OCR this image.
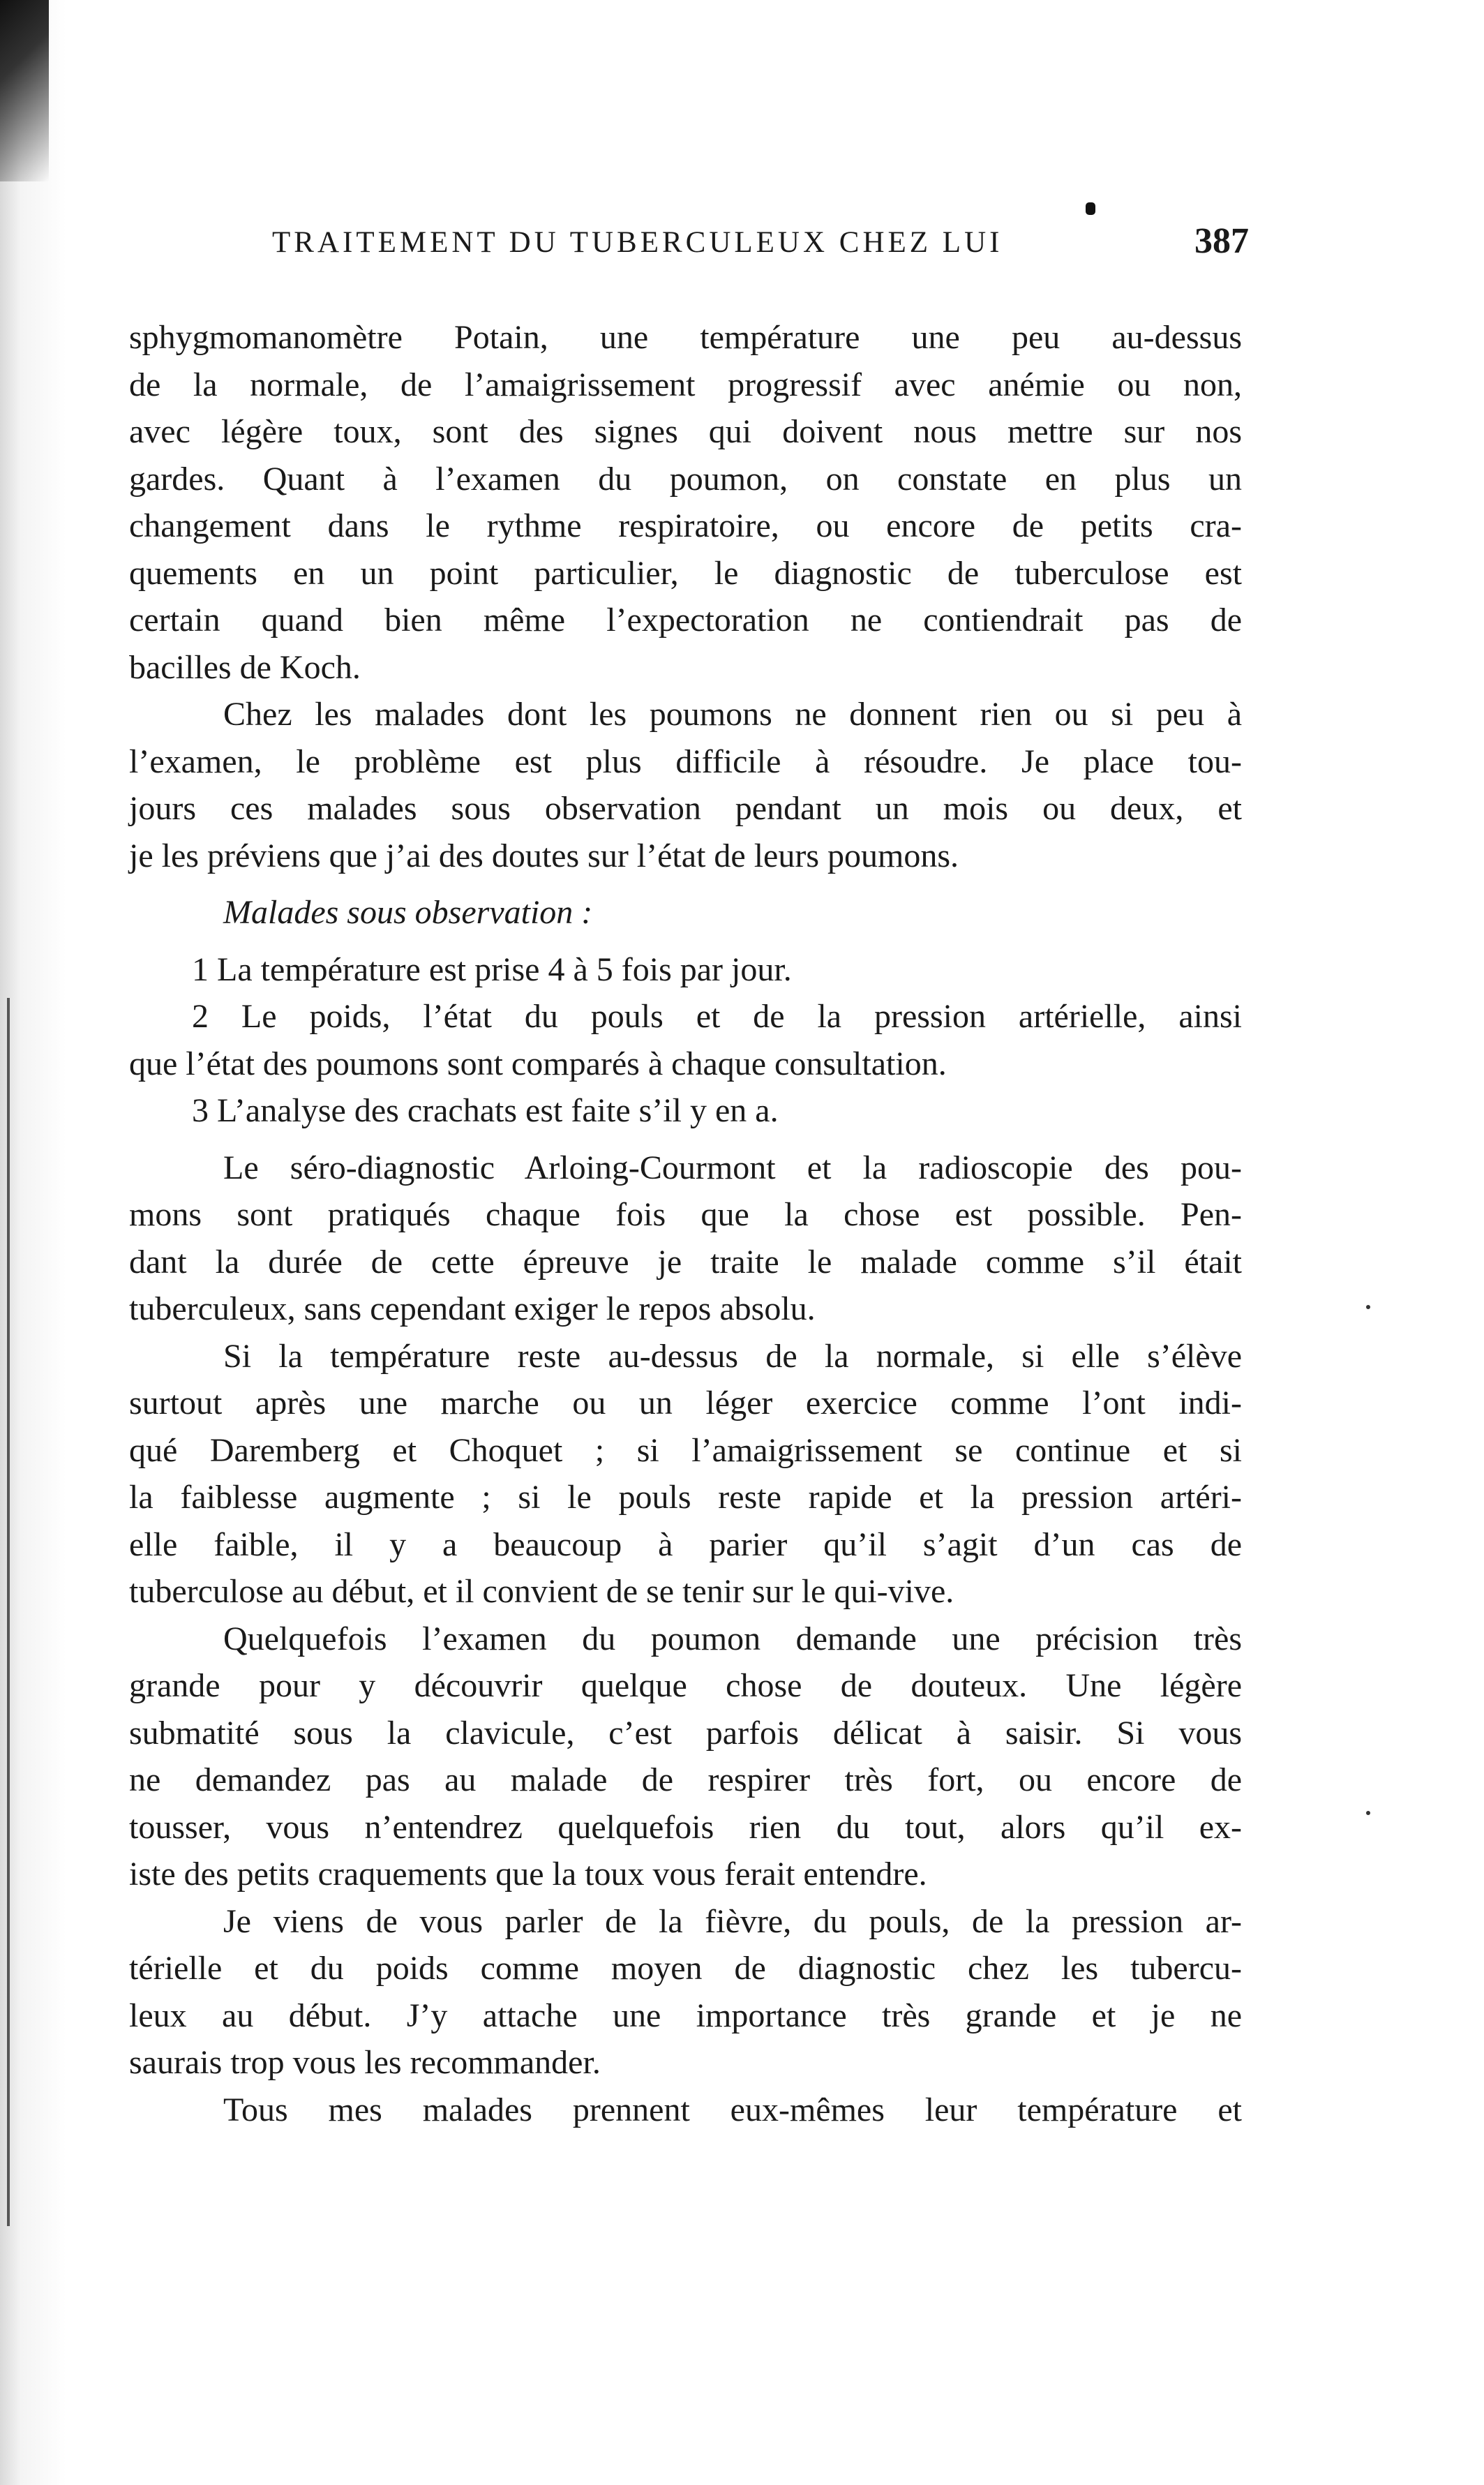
TRAITEMENT DU TUBERCULEUX CHEZ LUI	387
sphygmomanomètre Potain, une température une peu au-dessus
de la normale, de l’amaigrissement progressif avec anémie ou non,
avec légère toux, sont des signes qui doivent nous mettre sur nos
gardes. Quant à l’examen du poumon, on constate en plus un
changement dans le rythme respiratoire, ou encore de petits cra-
quements en un point particulier, le diagnostic de tuberculose est
certain quand bien même l’expectoration ne contiendrait pas de
bacilles de Koch.
Chez les malades dont les poumons ne donnent rien ou si peu à
l’examen, le problème est plus difficile à résoudre. Je place tou-
jours ces malades sous observation pendant un mois ou deux, et
je les préviens que j’ai des doutes sur l’état de leurs poumons.
Malades sous observation :
1 La température est prise 4 à 5 fois par jour.
2 Le poids, l’état du pouls et de la pression artérielle, ainsi
que l’état des poumons sont comparés à chaque consultation.
3 L’analyse des crachats est faite s’il y en a.
Le séro-diagnostic Arloing-Courmont et la radioscopie des pou-
mons sont pratiqués chaque fois que la chose est possible. Pen-
dant la durée de cette épreuve je traite le malade comme s’il était
tuberculeux, sans cependant exiger le repos absolu.
Si la température reste au-dessus de la normale, si elle s’élève
surtout après une marche ou un léger exercice comme l’ont indi-
qué Daremberg et Choquet ; si l’amaigrissement se continue et si
la faiblesse augmente ; si le pouls reste rapide et la pression artéri-
elle faible, il y a beaucoup à parier qu’il s’agit d’un cas de
tuberculose au début, et il convient de se tenir sur le qui-vive.
Quelquefois l’examen du poumon demande une précision très
grande pour y découvrir quelque chose de douteux. Une légère
submatité sous la clavicule, c’est parfois délicat à saisir. Si vous
ne demandez pas au malade de respirer très fort, ou encore de
tousser, vous n’entendrez quelquefois rien du tout, alors qu’il ex-
iste des petits craquements que la toux vous ferait entendre.
Je viens de vous parler de la fièvre, du pouls, de la pression ar-
térielle et du poids comme moyen de diagnostic chez les tubercu-
leux au début. J’y attache une importance très grande et je ne
saurais trop vous les recommander.
Tous mes malades prennent eux-mêmes leur température et
